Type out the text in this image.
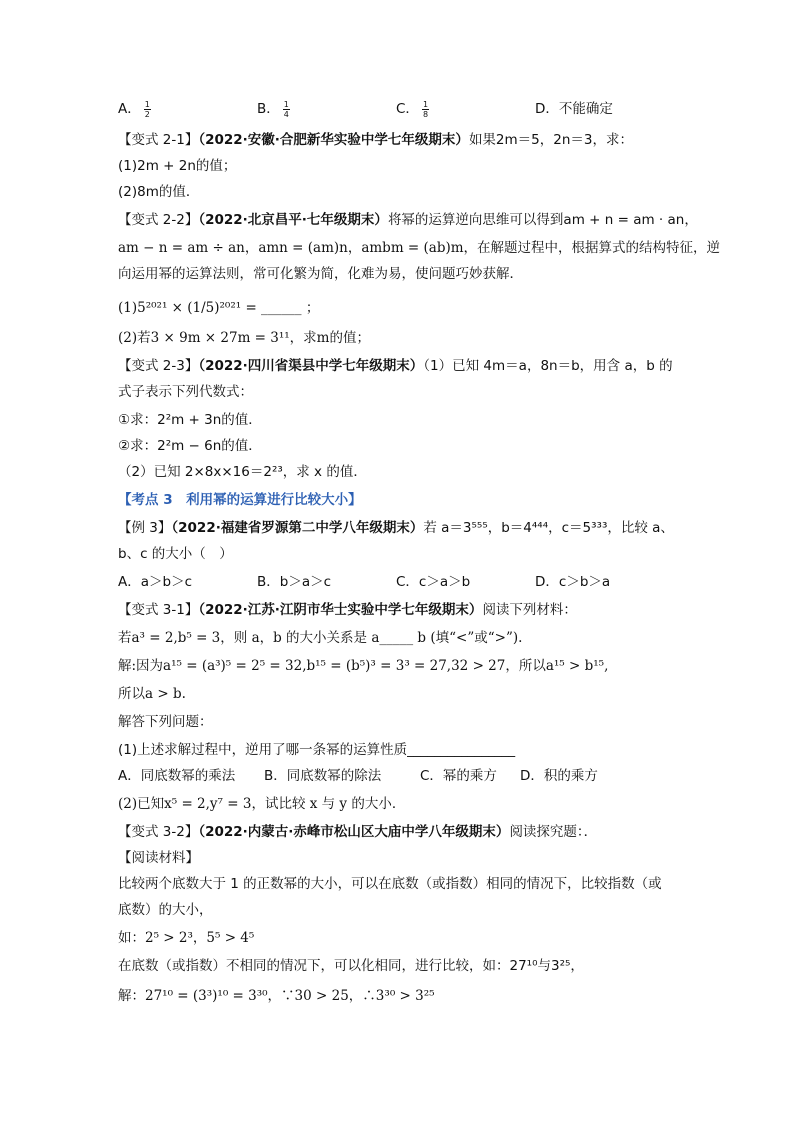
A． $\frac{1}{2}$	B． $\frac{1}{4}$	C． $\frac{1}{8}$	D．不能确定
【变式 2-1】（2022·安徽·合肥新华实验中学七年级期末）如果2m＝5，2n＝3，求：
(1)2m + 2n的值；
(2)8m的值．
【变式 2-2】（2022·北京昌平·七年级期末）将幂的运算逆向思维可以得到am + n = am · an，
am − n = am ÷ an，amn = (am)n，ambm = (ab)m，在解题过程中，根据算式的结构特征，逆
向运用幂的运算法则，常可化繁为简，化难为易，使问题巧妙获解．
(1)5²⁰²¹ × (1/5)²⁰²¹ = ______ ；
(2)若3 × 9m × 27m = 3¹¹，求m的值；
【变式 2-3】（2022·四川省渠县中学七年级期末）（1）已知 4m＝a，8n＝b，用含 a，b 的
式子表示下列代数式：
①求：2²m + 3n的值．
②求：2²m − 6n的值．
（2）已知 2×8x×16＝2²³，求 x 的值．
【考点 3　利用幂的运算进行比较大小】
【例 3】（2022·福建省罗源第二中学八年级期末）若 a＝3⁵⁵⁵，b＝4⁴⁴⁴，c＝5³³³，比较 a、
b、c 的大小（　）
A．a＞b＞c	B．b＞a＞c	C．c＞a＞b	D．c＞b＞a
【变式 3-1】（2022·江苏·江阴市华士实验中学七年级期末）阅读下列材料：
若a³ = 2,b⁵ = 3，则 a，b 的大小关系是 a_____ b (填“<”或“>”).
解:因为a¹⁵ = (a³)⁵ = 2⁵ = 32,b¹⁵ = (b⁵)³ = 3³ = 27,32 > 27，所以a¹⁵ > b¹⁵,
所以a > b.
解答下列问题：
(1)上述求解过程中，逆用了哪一条幂的运算性质________________
A．同底数幂的乘法 B．同底数幂的除法	C．幂的乘方 D．积的乘方
(2)已知x⁵ = 2,y⁷ = 3，试比较 x 与 y 的大小．
【变式 3-2】（2022·内蒙古·赤峰市松山区大庙中学八年级期末）阅读探究题：．
【阅读材料】
比较两个底数大于 1 的正数幂的大小，可以在底数（或指数）相同的情况下，比较指数（或
底数）的大小，
如：2⁵ > 2³，5⁵ > 4⁵
在底数（或指数）不相同的情况下，可以化相同，进行比较，如：27¹⁰与3²⁵，
解：27¹⁰ = (3³)¹⁰ = 3³⁰，∵30 > 25，∴3³⁰ > 3²⁵
